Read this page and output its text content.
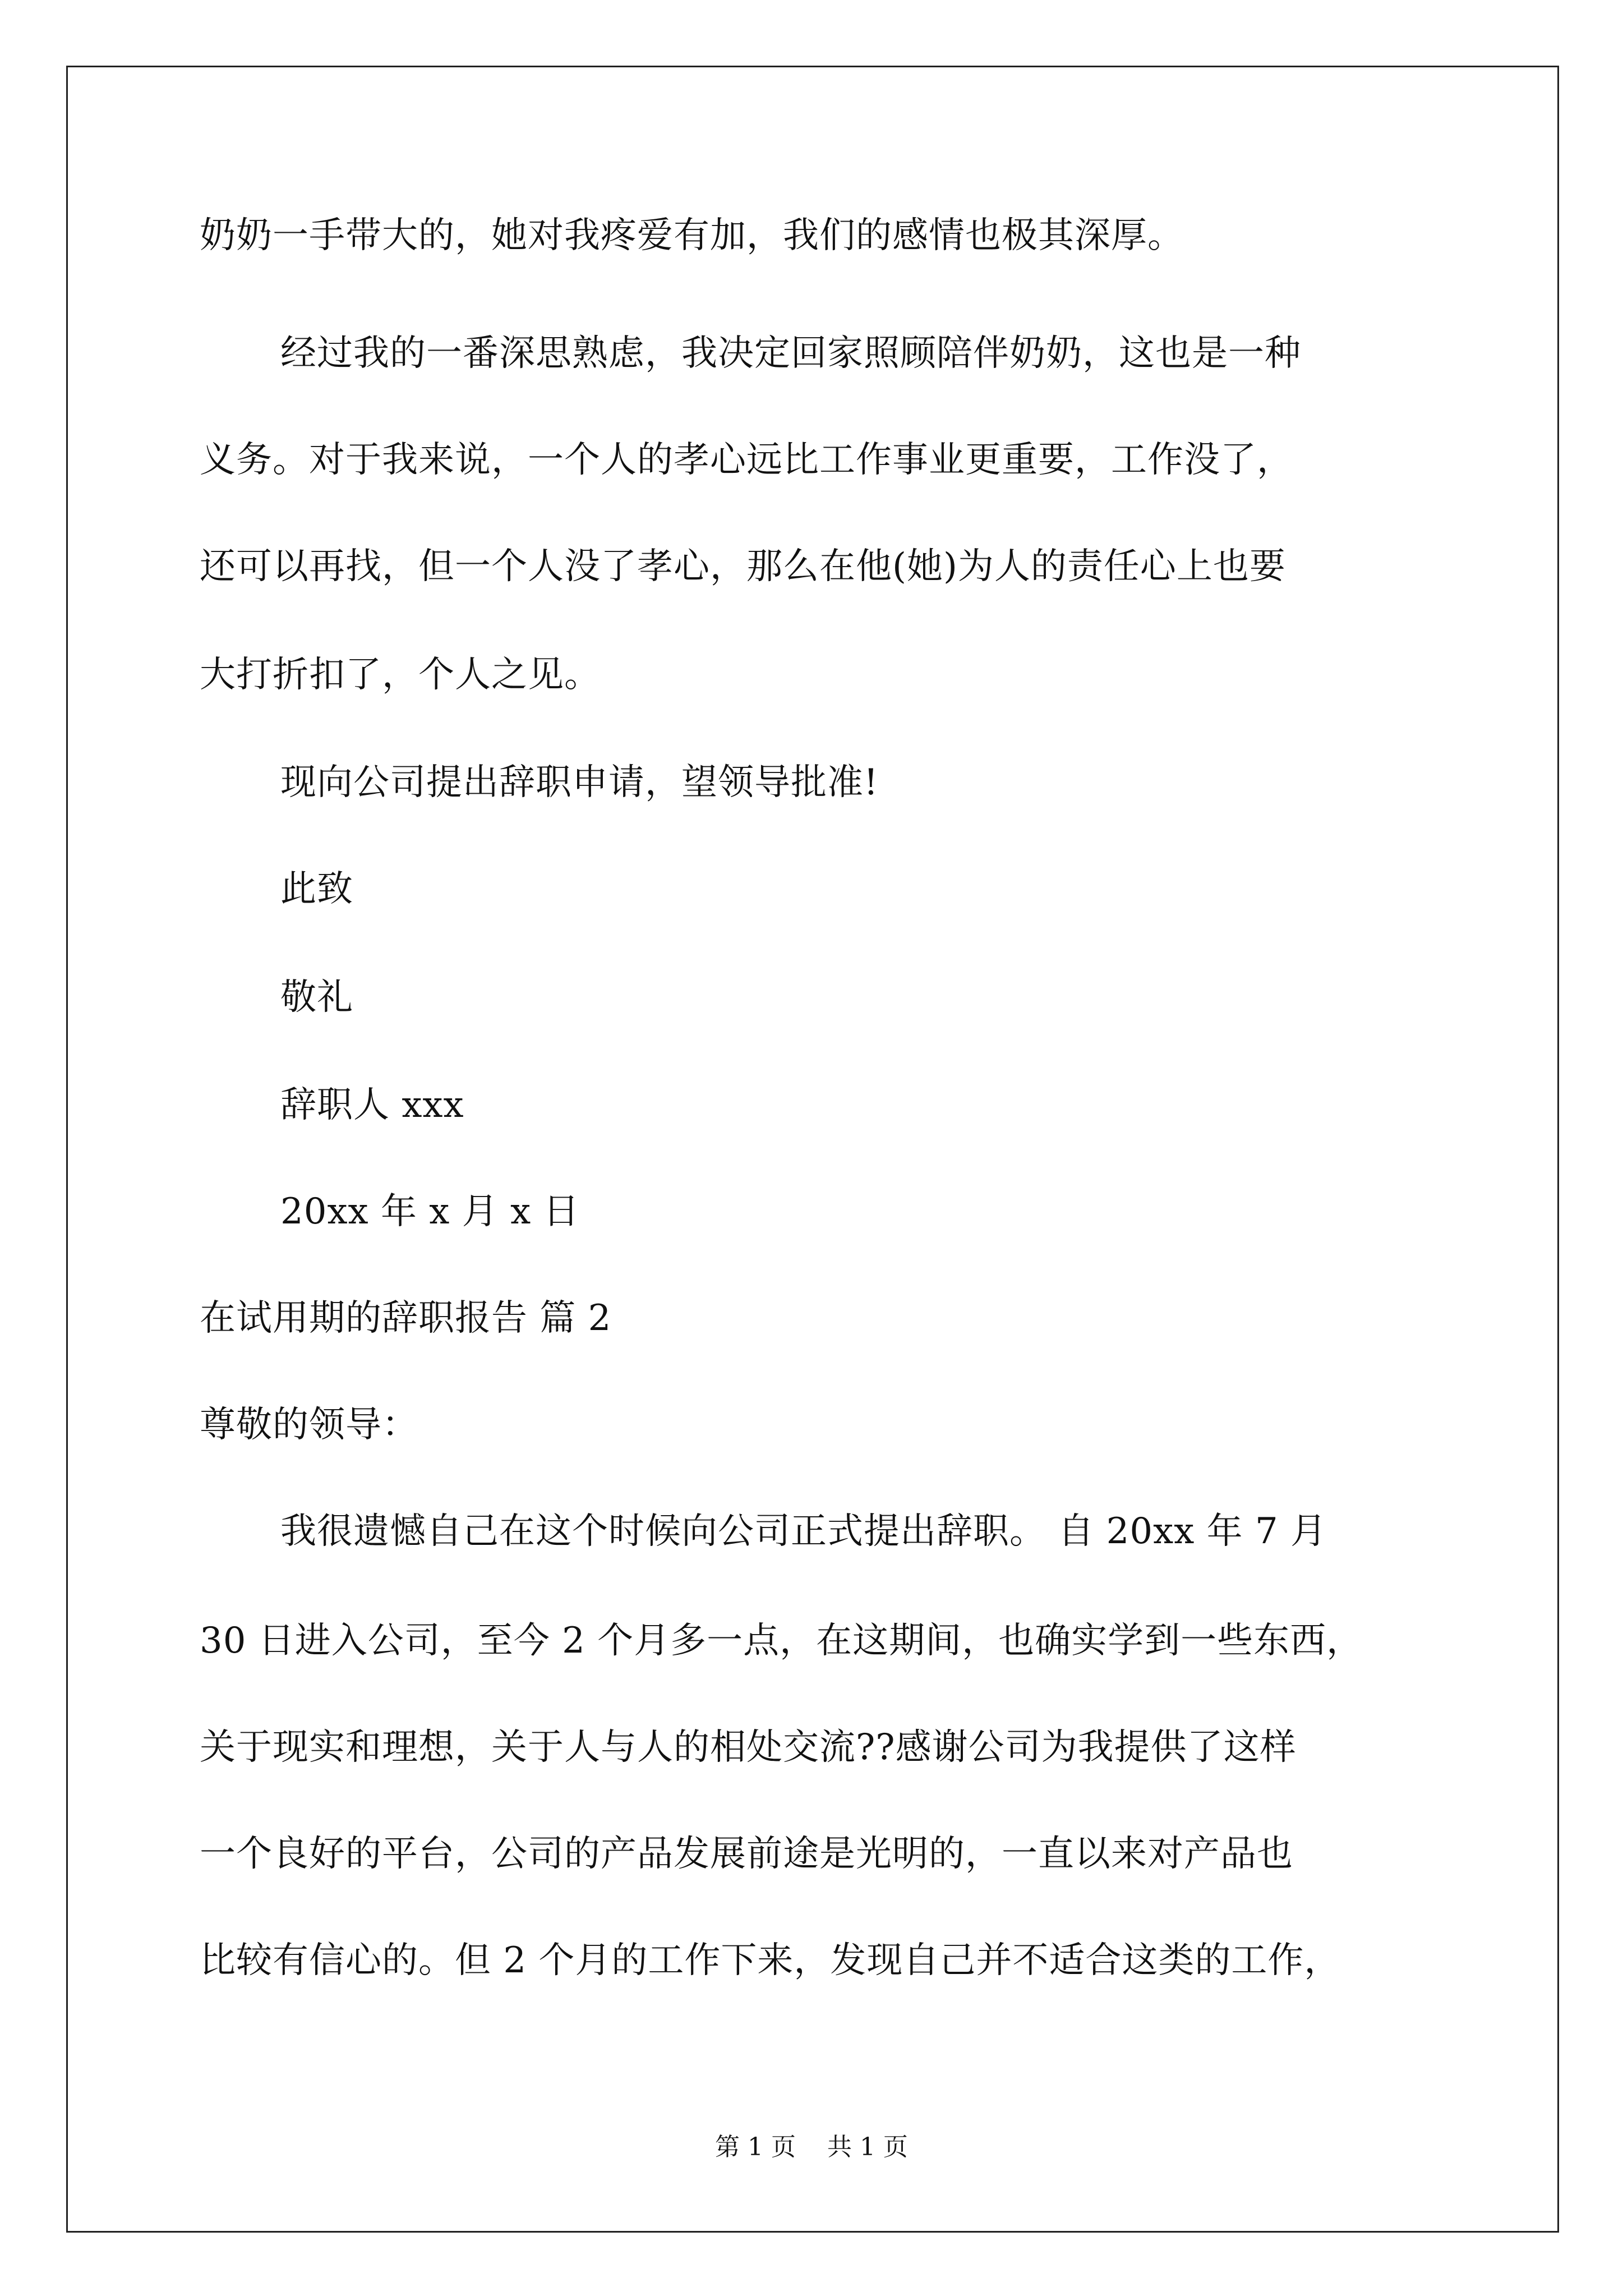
奶奶一手带大的，她对我疼爱有加，我们的感情也极其深厚。

经过我的一番深思熟虑，我决定回家照顾陪伴奶奶，这也是一种

义务。对于我来说，一个人的孝心远比工作事业更重要，工作没了，

还可以再找，但一个人没了孝心，那么在他(她)为人的责任心上也要

大打折扣了，个人之见。

现向公司提出辞职申请，望领导批准!

此致

敬礼

辞职人 xxx

20xx 年 x 月 x 日

在试用期的辞职报告 篇 2

尊敬的领导：

我很遗憾自己在这个时候向公司正式提出辞职。 自 20xx 年 7 月

30 日进入公司，至今 2 个月多一点，在这期间，也确实学到一些东西，

关于现实和理想，关于人与人的相处交流??感谢公司为我提供了这样

一个良好的平台，公司的产品发展前途是光明的，一直以来对产品也

比较有信心的。但 2 个月的工作下来，发现自己并不适合这类的工作，

第 1 页    共 1 页
